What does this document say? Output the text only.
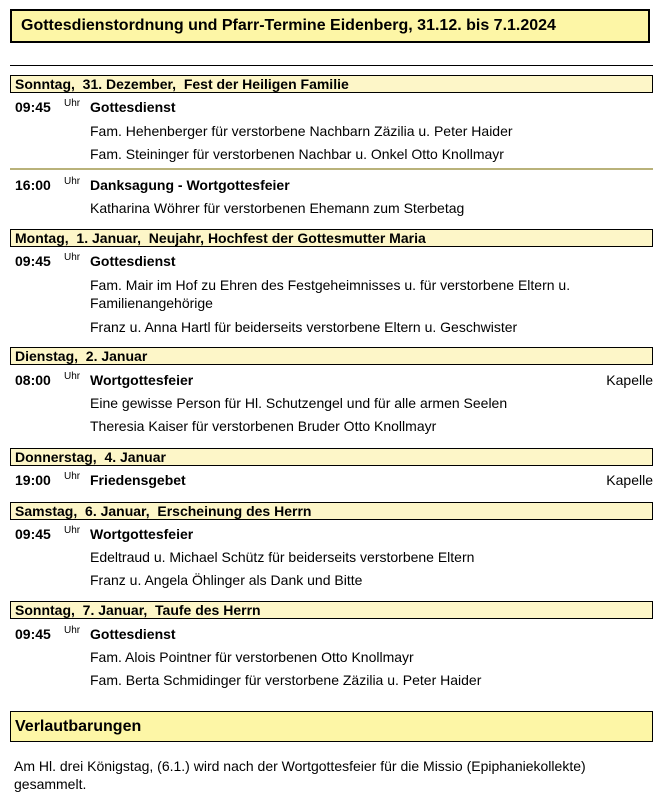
Gottesdienstordnung und Pfarr-Termine Eidenberg, 31.12. bis 7.1.2024
Sonntag,  31. Dezember,  Fest der Heiligen Familie
09:45 Uhr Gottesdienst
Fam. Hehenberger für verstorbene Nachbarn Zäzilia u. Peter Haider
Fam. Steininger für verstorbenen Nachbar u. Onkel Otto Knollmayr
16:00 Uhr Danksagung - Wortgottesfeier
Katharina Wöhrer für verstorbenen Ehemann zum Sterbetag
Montag,  1. Januar,  Neujahr, Hochfest der Gottesmutter Maria
09:45 Uhr Gottesdienst
Fam. Mair im Hof zu Ehren des Festgeheimnisses u. für verstorbene Eltern u. Familienangehörige
Franz u. Anna Hartl für beiderseits verstorbene Eltern u. Geschwister
Dienstag,  2. Januar
08:00 Uhr Wortgottesfeier	Kapelle
Eine gewisse Person für Hl. Schutzengel und für alle armen Seelen
Theresia Kaiser für verstorbenen Bruder Otto Knollmayr
Donnerstag,  4. Januar
19:00 Uhr Friedensgebet	Kapelle
Samstag,  6. Januar,  Erscheinung des Herrn
09:45 Uhr Wortgottesfeier
Edeltraud u. Michael Schütz für beiderseits verstorbene Eltern
Franz u. Angela Öhlinger als Dank und Bitte
Sonntag,  7. Januar,  Taufe des Herrn
09:45 Uhr Gottesdienst
Fam. Alois Pointner für verstorbenen Otto Knollmayr
Fam. Berta Schmidinger für verstorbene Zäzilia u. Peter Haider
Verlautbarungen
Am Hl. drei Königstag, (6.1.) wird nach der Wortgottesfeier für die Missio (Epiphaniekollekte) gesammelt.
